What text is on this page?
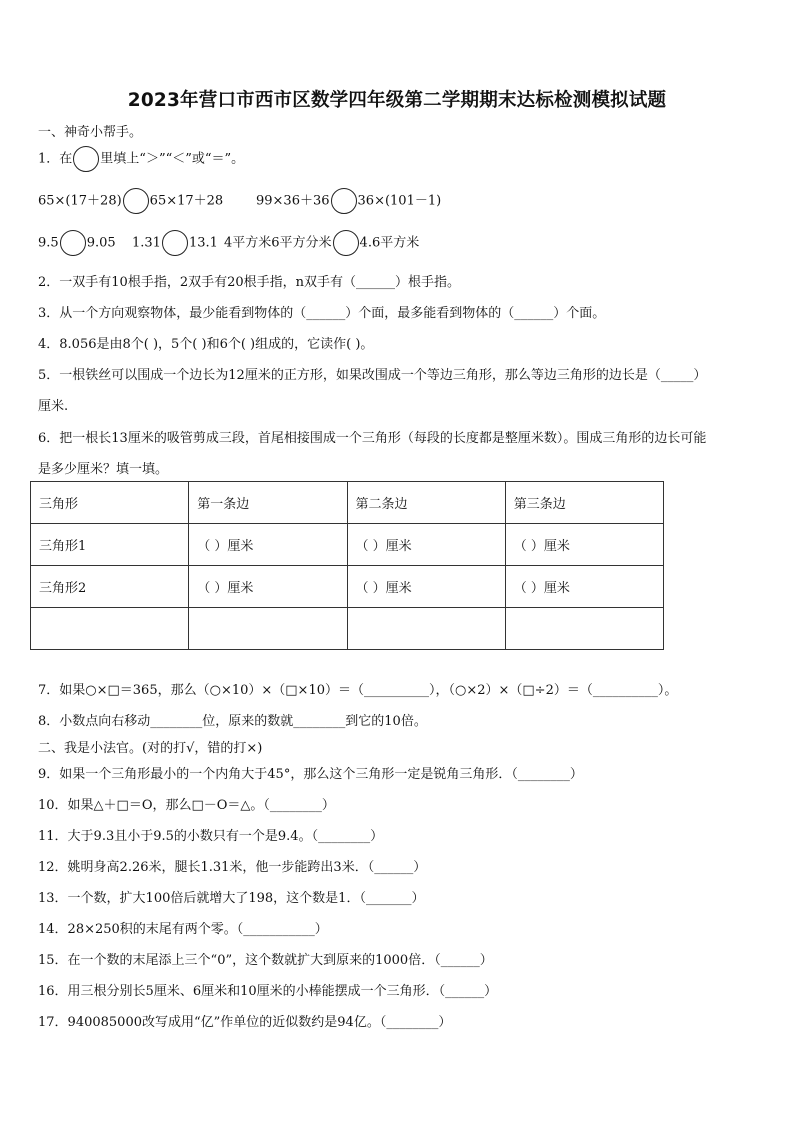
2023年营口市西市区数学四年级第二学期期末达标检测模拟试题
一、神奇小帮手。
1．在 里填上“＞”“＜”或“＝”。
65×(17＋28) 65×17＋28	99×36＋36 36×(101－1)
9.5 9.05 1.31 13.1 4平方米6平方分米 4.6平方米
2．一双手有10根手指，2双手有20根手指，n双手有（______）根手指。
3．从一个方向观察物体，最少能看到物体的（______）个面，最多能看到物体的（______）个面。
4．8.056是由8个( )，5个( )和6个( )组成的，它读作( )。
5．一根铁丝可以围成一个边长为12厘米的正方形，如果改围成一个等边三角形，那么等边三角形的边长是（_____）
厘米.
6．把一根长13厘米的吸管剪成三段，首尾相接围成一个三角形（每段的长度都是整厘米数）。围成三角形的边长可能
是多少厘米？填一填。
三角形	第一条边	第二条边	第三条边
三角形1	（ ）厘米	（ ）厘米	（ ）厘米
三角形2	（ ）厘米	（ ）厘米	（ ）厘米

7．如果○×□＝365，那么（○×10）×（□×10）＝（__________），（○×2）×（□÷2）＝（__________）。
8．小数点向右移动________位，原来的数就________到它的10倍。
二、我是小法官。(对的打√，错的打×)
9．如果一个三角形最小的一个内角大于45°，那么这个三角形一定是锐角三角形．（________）
10．如果△＋□＝O，那么□－O＝△。（________）
11．大于9.3且小于9.5的小数只有一个是9.4。（________）
12．姚明身高2.26米，腿长1.31米，他一步能跨出3米．（______）
13．一个数，扩大100倍后就增大了198，这个数是1．（_______）
14．28×250积的末尾有两个零。（___________）
15．在一个数的末尾添上三个“0”，这个数就扩大到原来的1000倍．（______）
16．用三根分别长5厘米、6厘米和10厘米的小棒能摆成一个三角形．（______）
17．940085000改写成用“亿”作单位的近似数约是94亿。（________）
